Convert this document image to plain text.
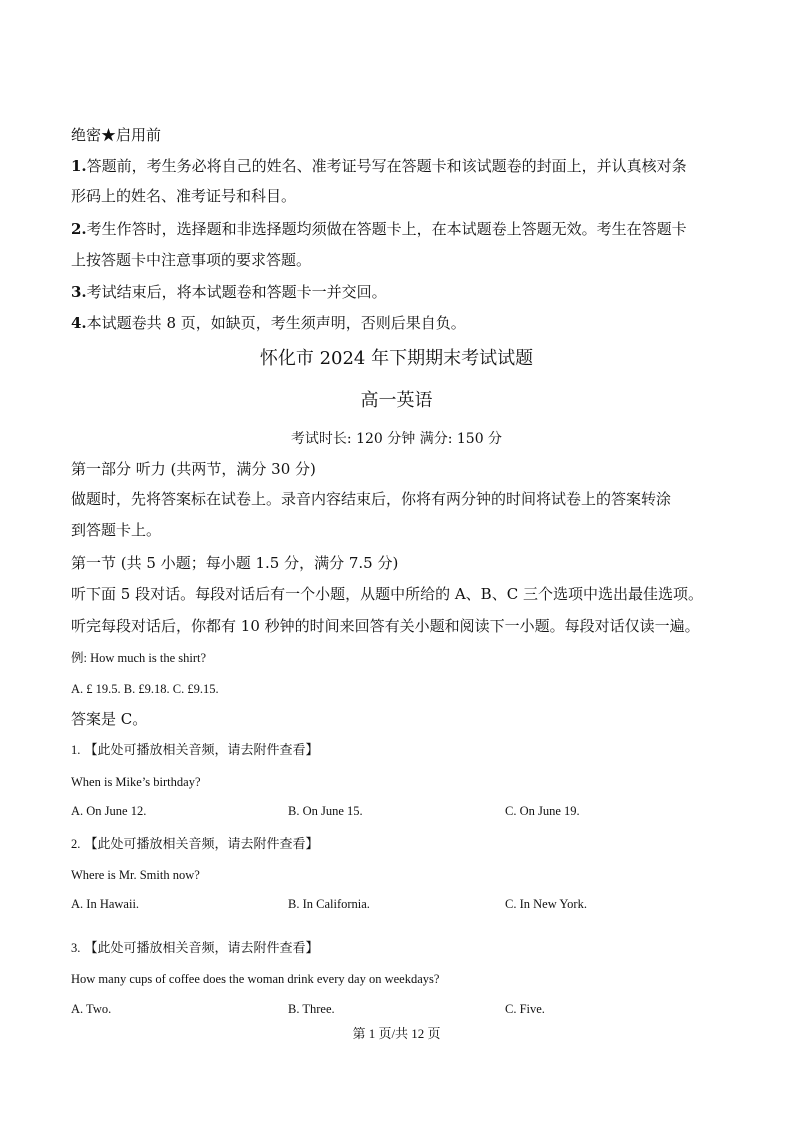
绝密★启用前
1.答题前，考生务必将自己的姓名、准考证号写在答题卡和该试题卷的封面上，并认真核对条
形码上的姓名、准考证号和科目。
2.考生作答时，选择题和非选择题均须做在答题卡上，在本试题卷上答题无效。考生在答题卡
上按答题卡中注意事项的要求答题。
3.考试结束后，将本试题卷和答题卡一并交回。
4.本试题卷共 8 页，如缺页，考生须声明，否则后果自负。
怀化市 2024 年下期期末考试试题
高一英语
考试时长: 120 分钟 满分: 150 分
第一部分 听力 (共两节，满分 30 分)
做题时，先将答案标在试卷上。录音内容结束后，你将有两分钟的时间将试卷上的答案转涂
到答题卡上。
第一节 (共 5 小题；每小题 1.5 分，满分 7.5 分)
听下面 5 段对话。每段对话后有一个小题，从题中所给的 A、B、C 三个选项中选出最佳选项。
听完每段对话后，你都有 10 秒钟的时间来回答有关小题和阅读下一小题。每段对话仅读一遍。
例: How much is the shirt?
A. £ 19.5. B. £9.18. C. £9.15.
答案是 C。
1. 【此处可播放相关音频，请去附件查看】
When is Mike’s birthday?
A. On June 12.	B. On June 15.	C. On June 19.
2. 【此处可播放相关音频，请去附件查看】
Where is Mr. Smith now?
A. In Hawaii.	B. In California.	C. In New York.
3. 【此处可播放相关音频，请去附件查看】
How many cups of coffee does the woman drink every day on weekdays?
A. Two.	B. Three.	C. Five.
第 1 页/共 12 页
